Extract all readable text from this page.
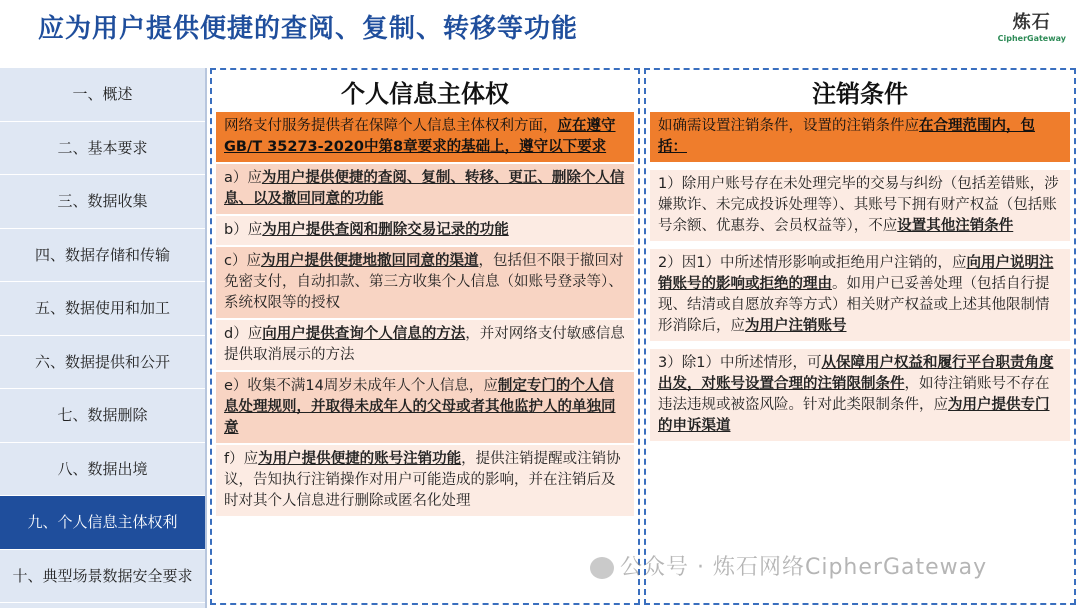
应为用户提供便捷的查阅、复制、转移等功能	炼石
CipherGateway
一、概述
二、基本要求
三、数据收集
四、数据存储和传输
五、数据使用和加工
六、数据提供和公开
七、数据删除
八、数据出境
九、个人信息主体权利
十、典型场景数据安全要求
个人信息主体权
网络支付服务提供者在保障个人信息主体权利方面，应在遵守GB/T 35273-2020中第8章要求的基础上，遵守以下要求
a）应为用户提供便捷的查阅、复制、转移、更正、删除个人信息、以及撤回同意的功能
b）应为用户提供查阅和删除交易记录的功能
c）应为用户提供便捷地撤回同意的渠道，包括但不限于撤回对免密支付，自动扣款、第三方收集个人信息（如账号登录等）、系统权限等的授权
d）应向用户提供查询个人信息的方法，并对网络支付敏感信息提供取消展示的方法
e）收集不满14周岁未成年人个人信息，应制定专门的个人信息处理规则，并取得未成年人的父母或者其他监护人的单独同意
f）应为用户提供便捷的账号注销功能，提供注销提醒或注销协议，告知执行注销操作对用户可能造成的影响，并在注销后及时对其个人信息进行删除或匿名化处理
注销条件
如确需设置注销条件，设置的注销条件应在合理范围内，包括：
1）除用户账号存在未处理完毕的交易与纠纷（包括差错账，涉嫌欺诈、未完成投诉处理等）、其账号下拥有财产权益（包括账号余额、优惠券、会员权益等），不应设置其他注销条件
2）因1）中所述情形影响或拒绝用户注销的，应向用户说明注销账号的影响或拒绝的理由。如用户已妥善处理（包括自行提现、结清或自愿放弃等方式）相关财产权益或上述其他限制情形消除后，应为用户注销账号
3）除1）中所述情形，可从保障用户权益和履行平台职责角度出发，对账号设置合理的注销限制条件，如待注销账号不存在违法违规或被盗风险。针对此类限制条件，应为用户提供专门的申诉渠道
公众号 · 炼石网络CipherGateway
